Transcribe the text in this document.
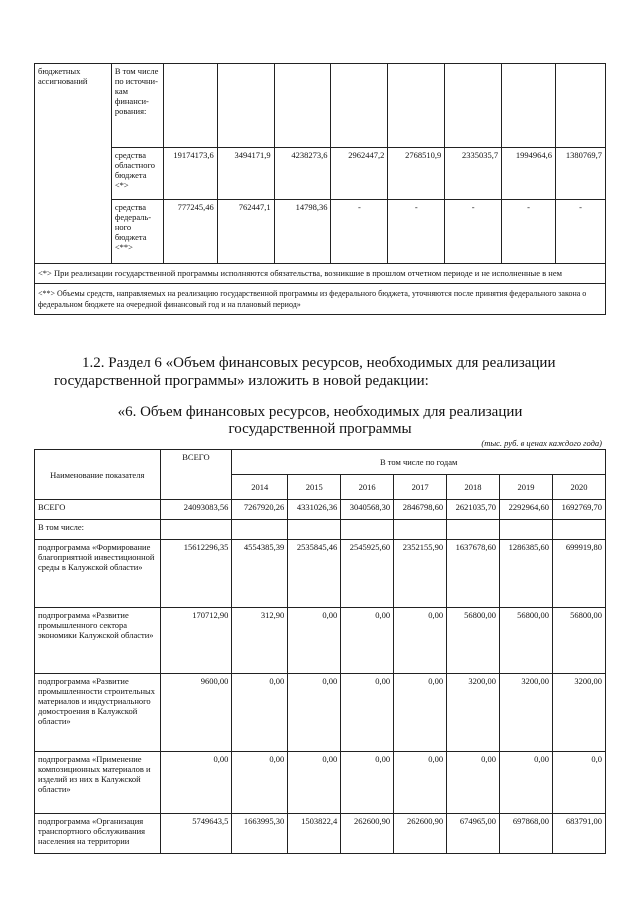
бюджетных ассигнований	В том числе по источни-кам финанси-рования:								
	средства областного бюджета <*>	19174173,6	3494171,9	4238273,6	2962447,2	2768510,9	2335035,7	1994964,6	1380769,7
	средства федераль-ного бюджета <**>	777245,46	762447,1	14798,36	-	-	-	-	-
<*> При реализации государственной программы исполняются обязательства, возникшие в прошлом отчетном периоде и не исполненные в нем									
<**> Объемы средств, направляемых на реализацию государственной программы из федерального бюджета, уточняются после принятия федерального закона о федеральном бюджете на очередной финансовый год и на плановый период»									
1.2. Раздел 6 «Объем финансовых ресурсов, необходимых для реализации
государственной программы» изложить в новой редакции:
«6. Объем финансовых ресурсов, необходимых для реализации
государственной программы
(тыс. руб. в ценах каждого года)
Наименование показателя	ВСЕГО	В том числе по годам						
		2014	2015	2016	2017	2018	2019	2020
ВСЕГО	24093083,56	7267920,26	4331026,36	3040568,30	2846798,60	2621035,70	2292964,60	1692769,70
В том числе:								
подпрограмма «Формирование благоприятной инвестиционной среды в Калужской области»	15612296,35	4554385,39	2535845,46	2545925,60	2352155,90	1637678,60	1286385,60	699919,80
подпрограмма «Развитие промышленного сектора экономики Калужской области»	170712,90	312,90	0,00	0,00	0,00	56800,00	56800,00	56800,00
подпрограмма «Развитие промышленности строительных материалов и индустриального домостроения в Калужской области»	9600,00	0,00	0,00	0,00	0,00	3200,00	3200,00	3200,00
подпрограмма «Применение композиционных материалов и изделий из них в Калужской области»	0,00	0,00	0,00	0,00	0,00	0,00	0,00	0,0
подпрограмма «Организация транспортного обслуживания населения на территории	5749643,5	1663995,30	1503822,4	262600,90	262600,90	674965,00	697868,00	683791,00
